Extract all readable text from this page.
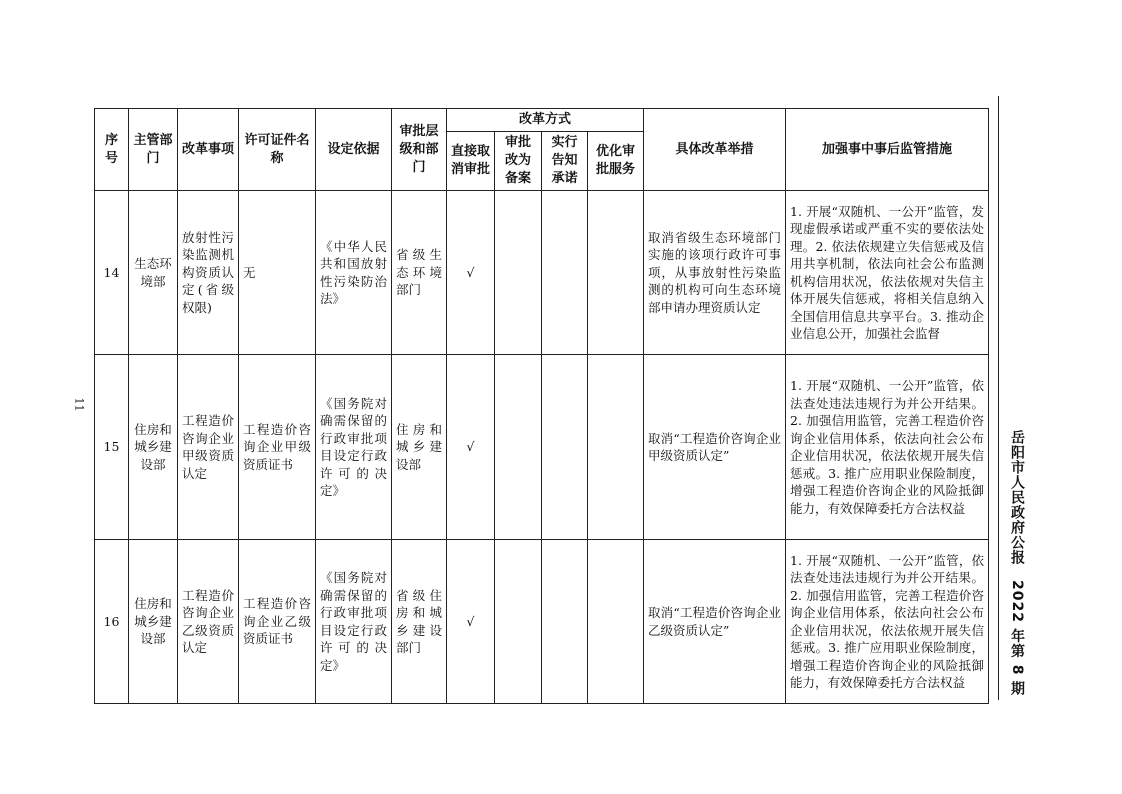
11
序号	主管部门	改革事项	许可证件名称	设定依据	审批层级和部门	改革方式				具体改革举措	加强事中事后监管措施
						直接取消审批	审批改为备案	实行告知承诺	优化审批服务		
14	生态环境部	放射性污染监测机构资质认定(省级权限)	无	《中华人民共和国放射性污染防治法》	省级生态环境部门	√				取消省级生态环境部门实施的该项行政许可事项，从事放射性污染监测的机构可向生态环境部申请办理资质认定	1. 开展“双随机、一公开”监管，发现虚假承诺或严重不实的要依法处理。2. 依法依规建立失信惩戒及信用共享机制，依法向社会公布监测机构信用状况，依法依规对失信主体开展失信惩戒，将相关信息纳入全国信用信息共享平台。3. 推动企业信息公开，加强社会监督
15	住房和城乡建设部	工程造价咨询企业甲级资质认定	工程造价咨询企业甲级资质证书	《国务院对确需保留的行政审批项目设定行政许可的决定》	住房和城乡建设部	√				取消“工程造价咨询企业甲级资质认定”	1. 开展“双随机、一公开”监管，依法查处违法违规行为并公开结果。2. 加强信用监管，完善工程造价咨询企业信用体系，依法向社会公布企业信用状况，依法依规开展失信惩戒。3. 推广应用职业保险制度，增强工程造价咨询企业的风险抵御能力，有效保障委托方合法权益
16	住房和城乡建设部	工程造价咨询企业乙级资质认定	工程造价咨询企业乙级资质证书	《国务院对确需保留的行政审批项目设定行政许可的决定》	省级住房和城乡建设部门	√				取消“工程造价咨询企业乙级资质认定”	1. 开展“双随机、一公开”监管，依法查处违法违规行为并公开结果。2. 加强信用监管，完善工程造价咨询企业信用体系，依法向社会公布企业信用状况，依法依规开展失信惩戒。3. 推广应用职业保险制度，增强工程造价咨询企业的风险抵御能力，有效保障委托方合法权益
岳阳市人民政府公报　2022 年第 8 期
